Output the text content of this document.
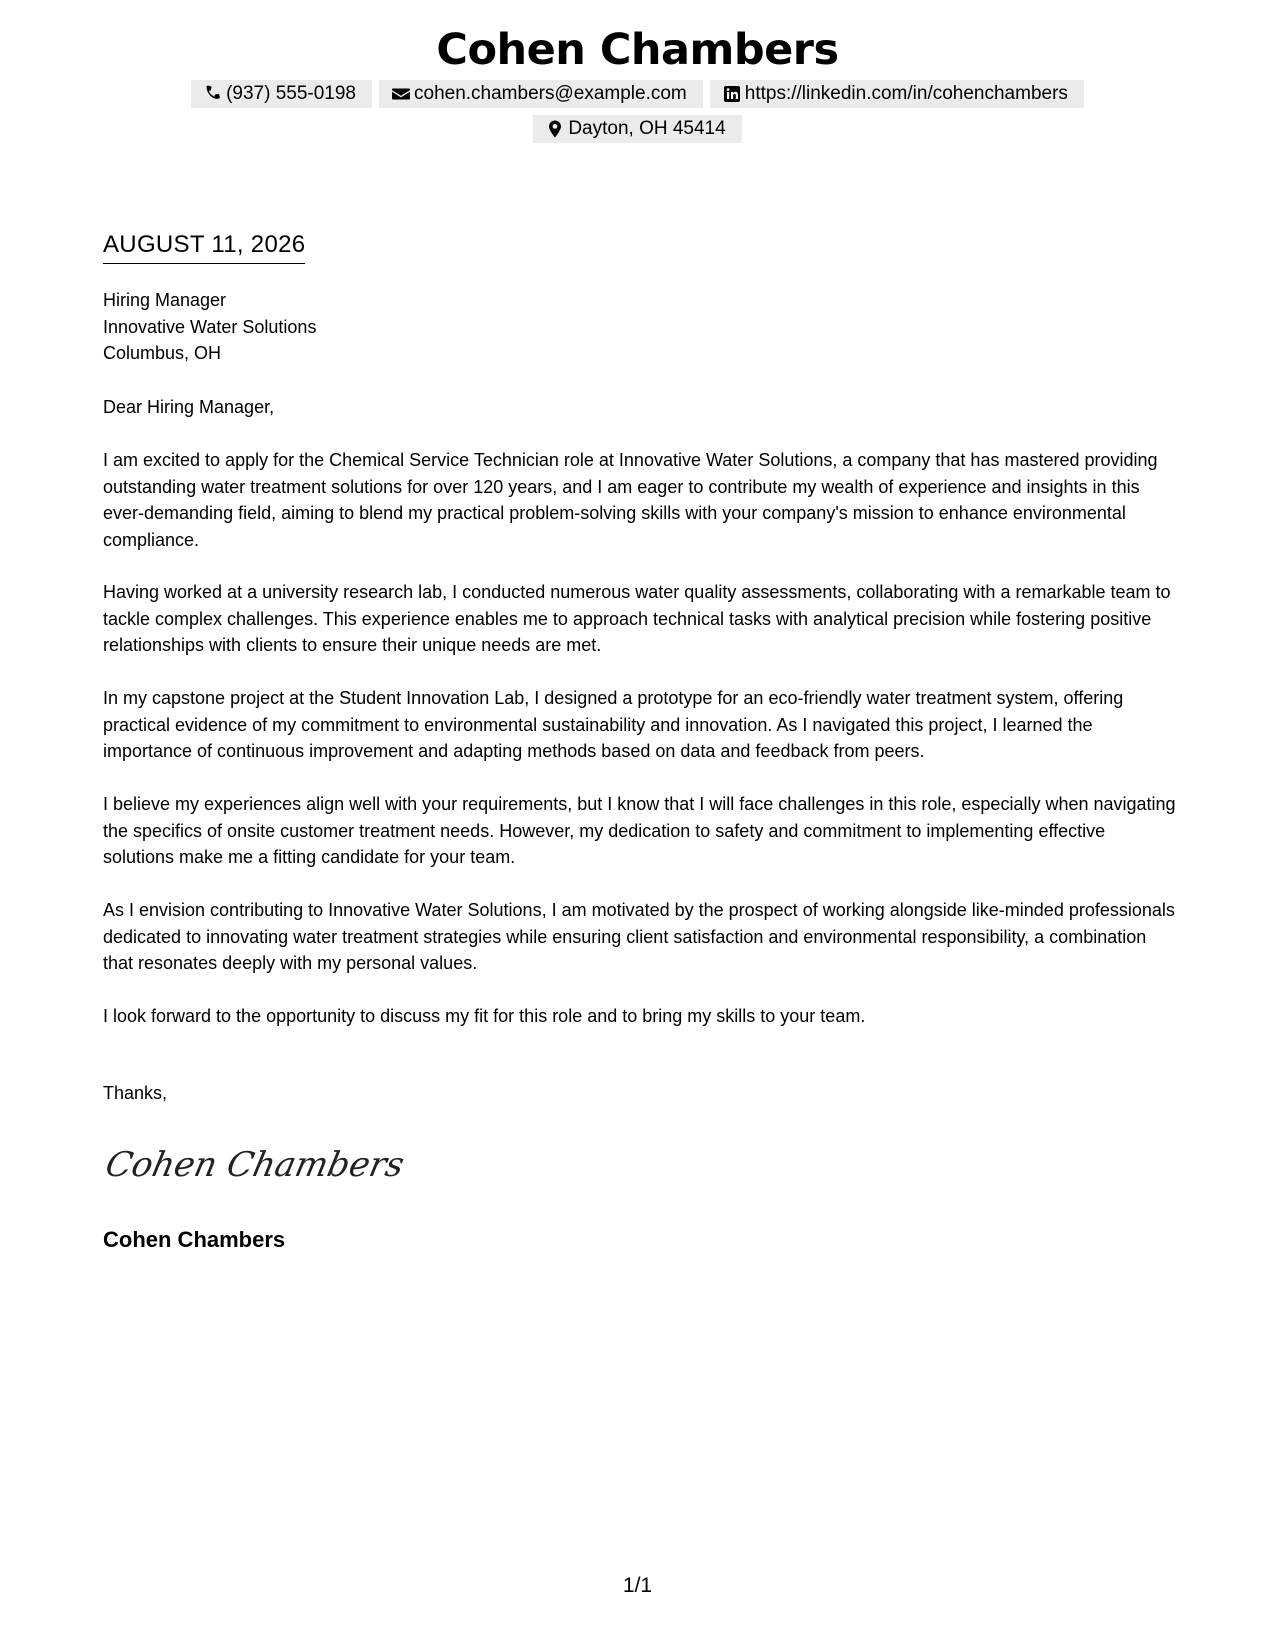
Cohen Chambers
(937) 555-0198	cohen.chambers@example.com	https://linkedin.com/in/cohenchambers
Dayton, OH 45414
AUGUST 11, 2026
Hiring Manager
Innovative Water Solutions
Columbus, OH
Dear Hiring Manager,

I am excited to apply for the Chemical Service Technician role at Innovative Water Solutions, a company that has mastered providing outstanding water treatment solutions for over 120 years, and I am eager to contribute my wealth of experience and insights in this ever-demanding field, aiming to blend my practical problem-solving skills with your company's mission to enhance environmental compliance.

Having worked at a university research lab, I conducted numerous water quality assessments, collaborating with a remarkable team to tackle complex challenges. This experience enables me to approach technical tasks with analytical precision while fostering positive relationships with clients to ensure their unique needs are met.

In my capstone project at the Student Innovation Lab, I designed a prototype for an eco-friendly water treatment system, offering practical evidence of my commitment to environmental sustainability and innovation. As I navigated this project, I learned the importance of continuous improvement and adapting methods based on data and feedback from peers.

I believe my experiences align well with your requirements, but I know that I will face challenges in this role, especially when navigating the specifics of onsite customer treatment needs. However, my dedication to safety and commitment to implementing effective solutions make me a fitting candidate for your team.

As I envision contributing to Innovative Water Solutions, I am motivated by the prospect of working alongside like-minded professionals dedicated to innovating water treatment strategies while ensuring client satisfaction and environmental responsibility, a combination that resonates deeply with my personal values.

I look forward to the opportunity to discuss my fit for this role and to bring my skills to your team.

Thanks,
Cohen Chambers
Cohen Chambers
1/1
